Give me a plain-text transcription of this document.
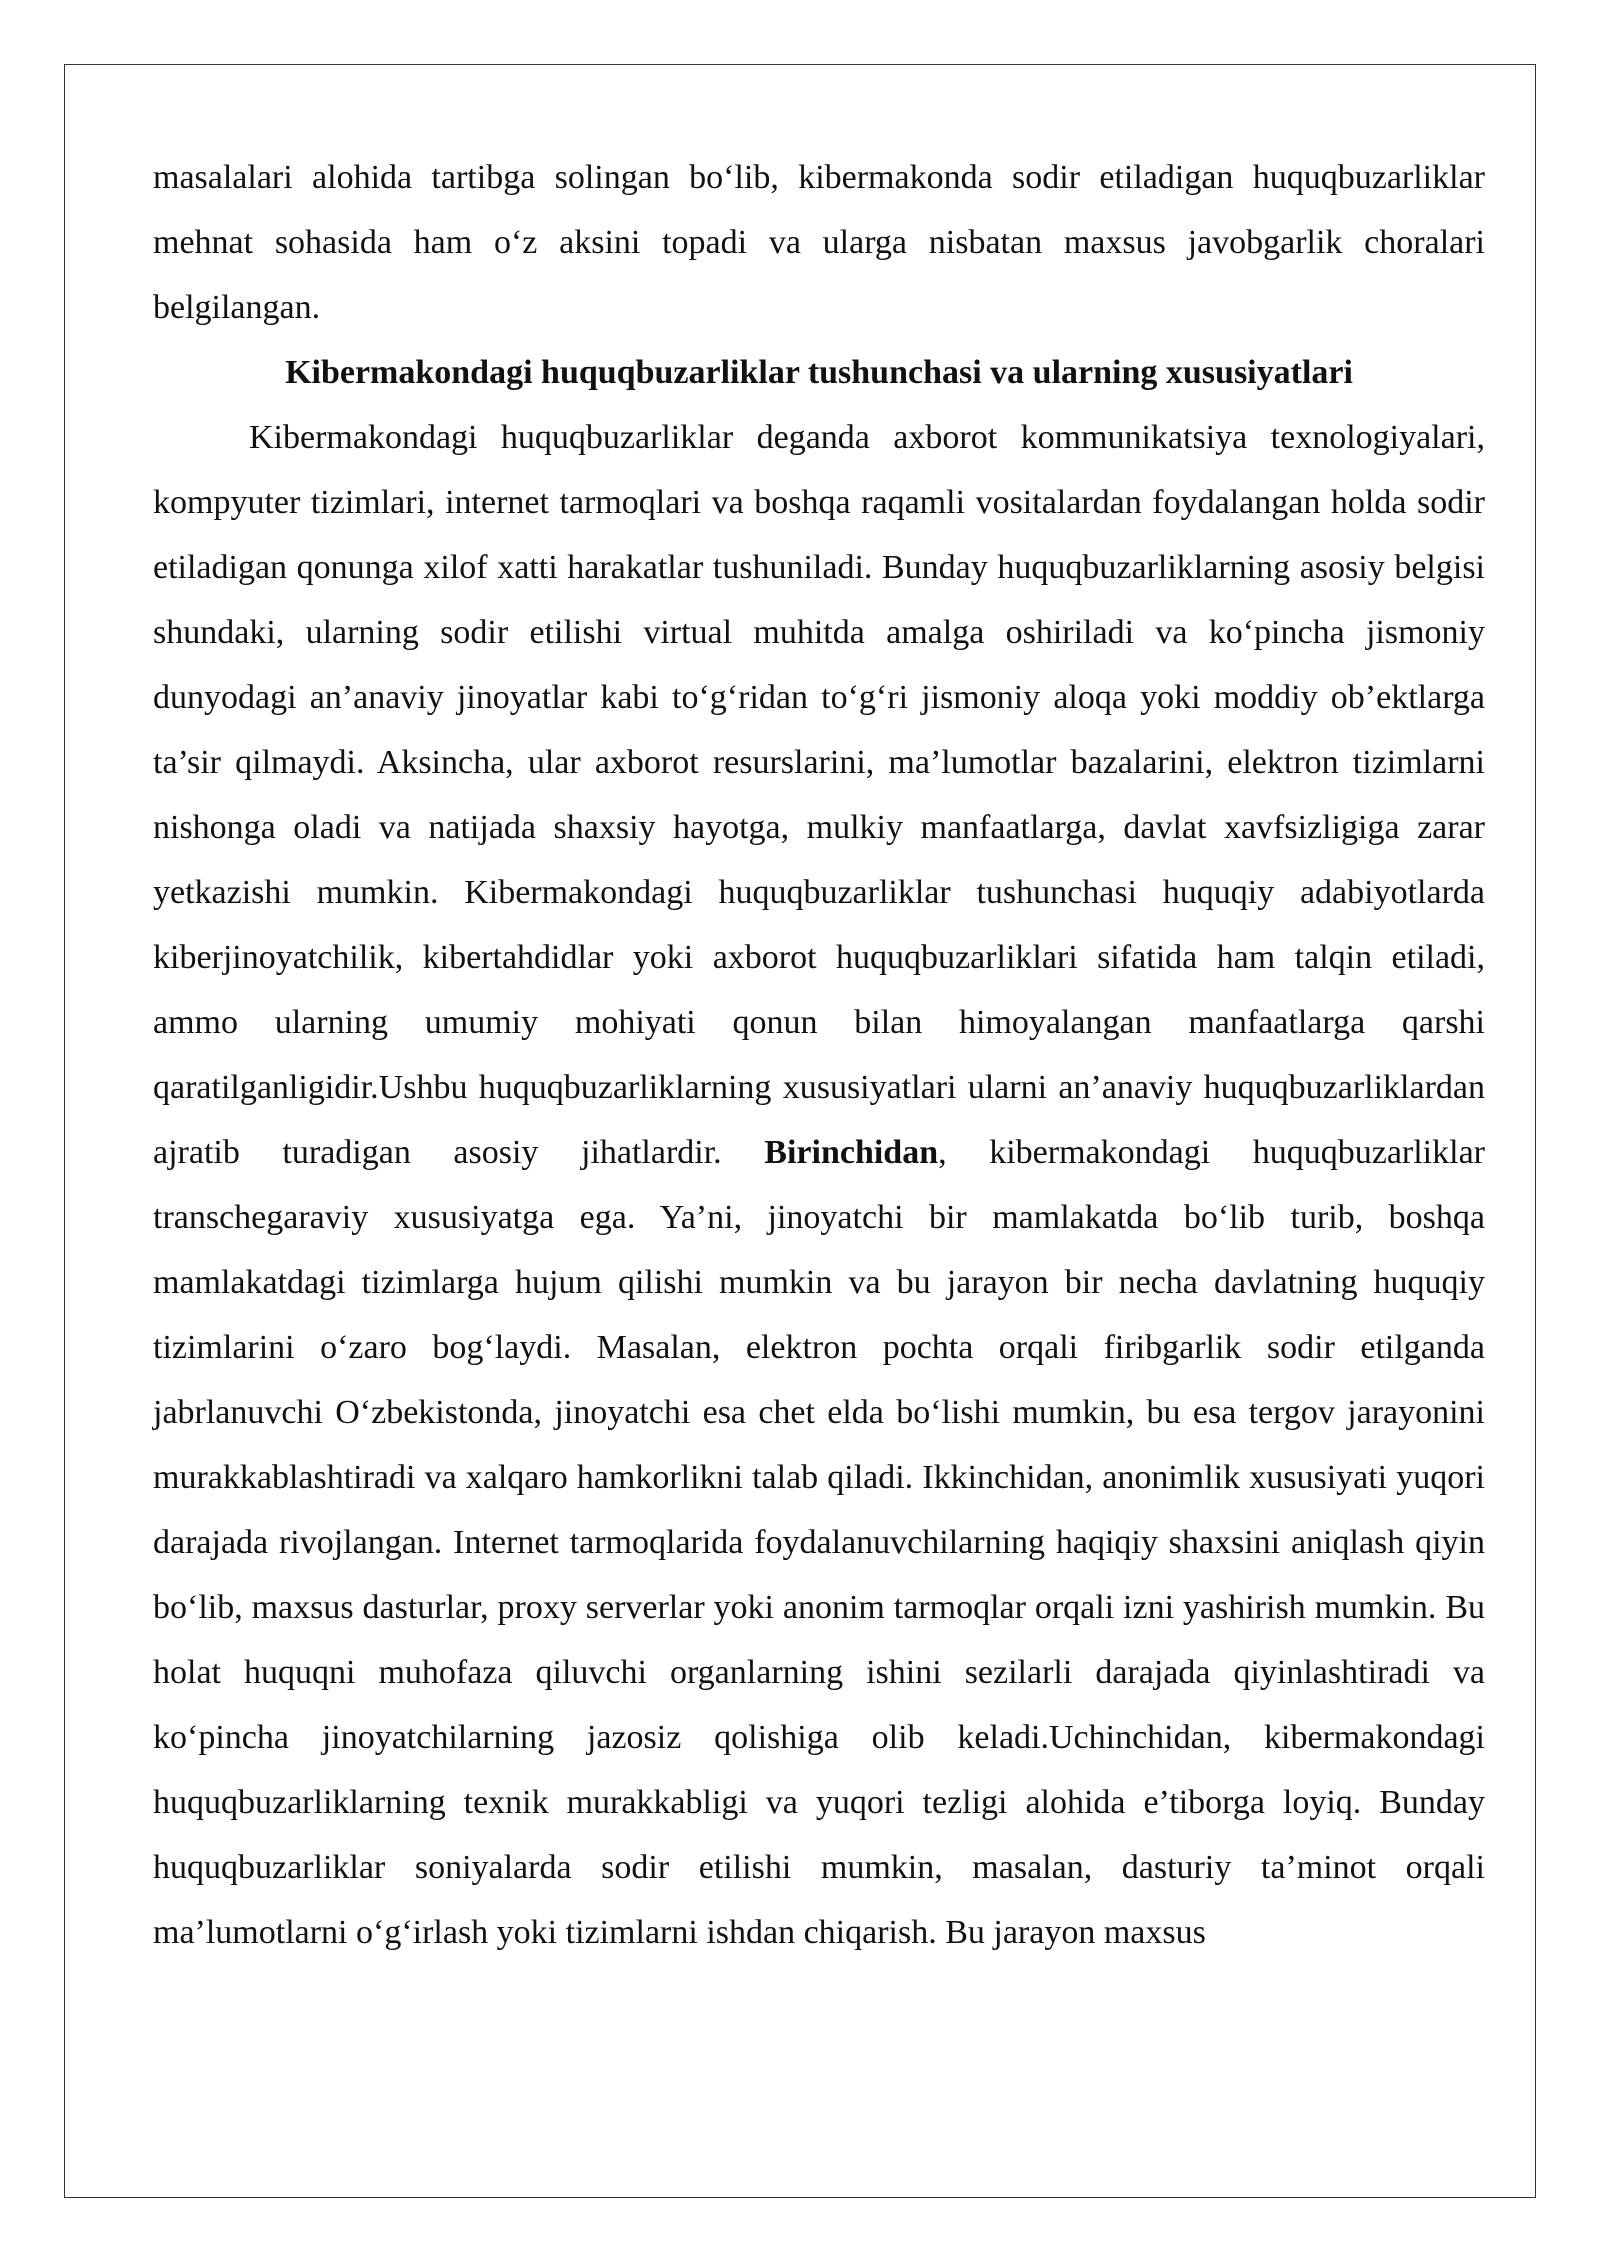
masalalari alohida tartibga solingan bo‘lib, kibermakonda sodir etiladigan huquqbuzarliklar mehnat sohasida ham o‘z aksini topadi va ularga nisbatan maxsus javobgarlik choralari belgilangan.

Kibermakondagi huquqbuzarliklar tushunchasi va ularning xususiyatlari

Kibermakondagi huquqbuzarliklar deganda axborot kommunikatsiya texnologiyalari, kompyuter tizimlari, internet tarmoqlari va boshqa raqamli vositalardan foydalangan holda sodir etiladigan qonunga xilof xatti harakatlar tushuniladi. Bunday huquqbuzarliklarning asosiy belgisi shundaki, ularning sodir etilishi virtual muhitda amalga oshiriladi va ko‘pincha jismoniy dunyodagi an’anaviy jinoyatlar kabi to‘g‘ridan to‘g‘ri jismoniy aloqa yoki moddiy ob’ektlarga ta’sir qilmaydi. Aksincha, ular axborot resurslarini, ma’lumotlar bazalarini, elektron tizimlarni nishonga oladi va natijada shaxsiy hayotga, mulkiy manfaatlarga, davlat xavfsizligiga zarar yetkazishi mumkin. Kibermakondagi huquqbuzarliklar tushunchasi huquqiy adabiyotlarda kiberjinoyatchilik, kibertahdidlar yoki axborot huquqbuzarliklari sifatida ham talqin etiladi, ammo ularning umumiy mohiyati qonun bilan himoyalangan manfaatlarga qarshi qaratilganligidir.Ushbu huquqbuzarliklarning xususiyatlari ularni an’anaviy huquqbuzarliklardan ajratib turadigan asosiy jihatlardir. Birinchidan, kibermakondagi huquqbuzarliklar transchegaraviy xususiyatga ega. Ya’ni, jinoyatchi bir mamlakatda bo‘lib turib, boshqa mamlakatdagi tizimlarga hujum qilishi mumkin va bu jarayon bir necha davlatning huquqiy tizimlarini o‘zaro bog‘laydi. Masalan, elektron pochta orqali firibgarlik sodir etilganda jabrlanuvchi O‘zbekistonda, jinoyatchi esa chet elda bo‘lishi mumkin, bu esa tergov jarayonini murakkablashtiradi va xalqaro hamkorlikni talab qiladi. Ikkinchidan, anonimlik xususiyati yuqori darajada rivojlangan. Internet tarmoqlarida foydalanuvchilarning haqiqiy shaxsini aniqlash qiyin bo‘lib, maxsus dasturlar, proxy serverlar yoki anonim tarmoqlar orqali izni yashirish mumkin. Bu holat huquqni muhofaza qiluvchi organlarning ishini sezilarli darajada qiyinlashtiradi va ko‘pincha jinoyatchilarning jazosiz qolishiga olib keladi.Uchinchidan, kibermakondagi huquqbuzarliklarning texnik murakkabligi va yuqori tezligi alohida e’tiborga loyiq. Bunday huquqbuzarliklar soniyalarda sodir etilishi mumkin, masalan, dasturiy ta’minot orqali ma’lumotlarni o‘g‘irlash yoki tizimlarni ishdan chiqarish. Bu jarayon maxsus
